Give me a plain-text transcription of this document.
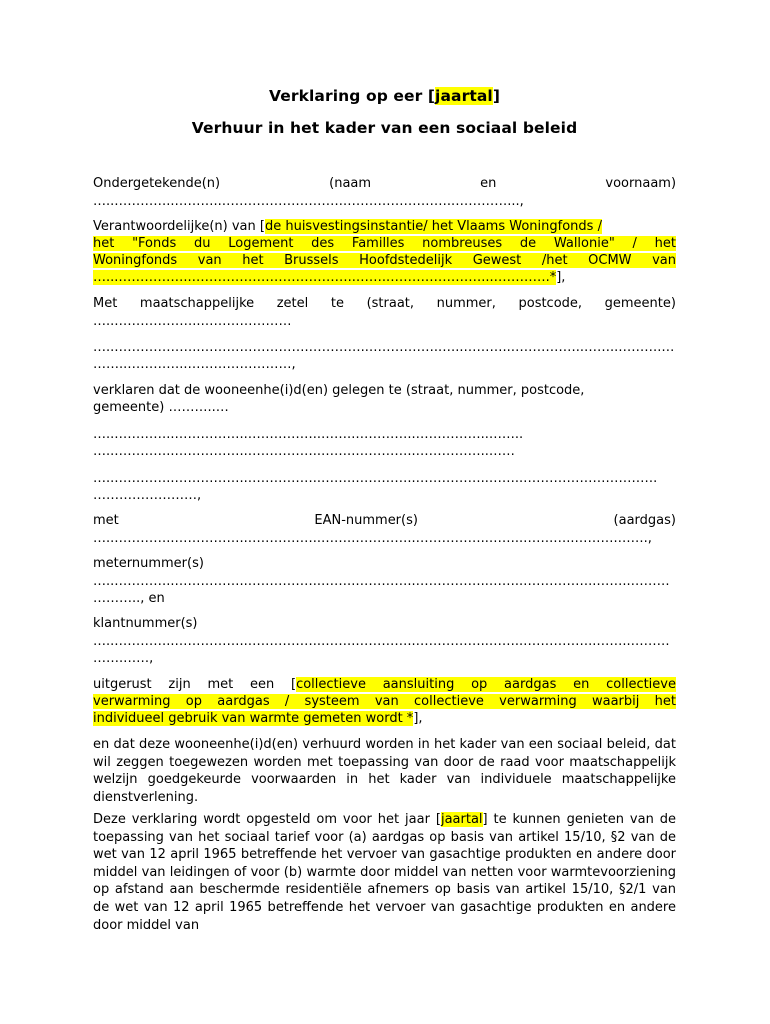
Verklaring op eer [jaartal]
Verhuur in het kader van een sociaal beleid
Ondergetekende(n)	(naam	en	voornaam)
…..…………..………..……………………….……………………..…………...,
Verantwoordelijke(n) van [de huisvestingsinstantie/ het Vlaams Woningfonds /
het "Fonds du Logement des Familles nombreuses de Wallonie" / het
Woningfonds van het Brussels Hoofdstedelijk Gewest /het OCMW van
…...……………..………………………………..……..…………………...………….*],
Met maatschappelijke zetel te (straat, nummer, postcode, gemeente)
…..………………..…………………
…..………………..…………………….…………..……………..…..………..……………..……..……….…
……..…………..……………………,
verklaren dat de wooneenhe(i)d(en) gelegen te (straat, nummer, postcode,
gemeente) ………..…
…..…………..……………..……………..……..…………..……………..……..
…..…………..……………..……………..……..…………..……………..……
…..…………..……………..……………..……..…………..……………..……..………………………….
……………………,
met	EAN-nummer(s)	(aardgas)
…..…………..……………..……………..……..…………..……………..……..…….…..……….…….,
meternummer(s)
…..…………..……………..……………..……..…………..……………..……..……………..……..………
……….., en
klantnummer(s)
…..…………..……………..……………..……..…………..……………..……..……………..……..………
…….……,
uitgerust zijn met een [collectieve aansluiting op aardgas en collectieve
verwarming op aardgas / systeem van collectieve verwarming waarbij het
individueel gebruik van warmte gemeten wordt *],
en dat deze wooneenhe(i)d(en) verhuurd worden in het kader van een sociaal beleid, dat wil zeggen toegewezen worden met toepassing van door de raad voor maatschappelijk welzijn goedgekeurde voorwaarden in het kader van individuele maatschappelijke dienstverlening.
Deze verklaring wordt opgesteld om voor het jaar [jaartal] te kunnen genieten van de toepassing van het sociaal tarief voor (a) aardgas op basis van artikel 15/10, §2 van de wet van 12 april 1965 betreffende het vervoer van gasachtige produkten en andere door middel van leidingen of voor (b) warmte door middel van netten voor warmtevoorziening op afstand aan beschermde residentiële afnemers op basis van artikel 15/10, §2/1 van de wet van 12 april 1965 betreffende het vervoer van gasachtige produkten en andere door middel van
